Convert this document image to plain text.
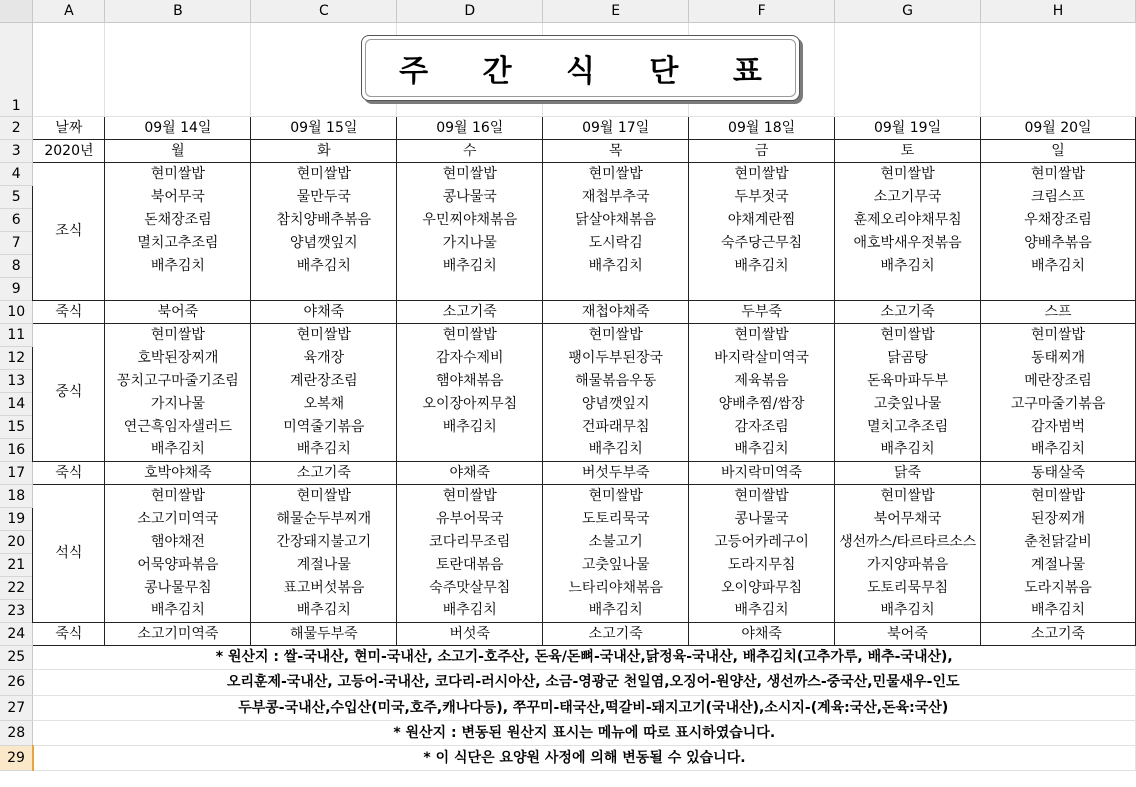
	A	B	C	D	E	F	G	H
1								
2	날짜	09월 14일	09월 15일	09월 16일	09월 17일	09월 18일	09월 19일	09월 20일
3	2020년	월	화	수	목	금	토	일
4	조식	현미쌀밥	현미쌀밥	현미쌀밥	현미쌀밥	현미쌀밥	현미쌀밥	현미쌀밥
5		북어무국	물만두국	콩나물국	재첩부추국	두부젓국	소고기무국	크림스프
6		돈채장조림	참치양배추볶음	우민찌야채볶음	닭살야채볶음	야채계란찜	훈제오리야채무침	우채장조림
7		멸치고추조림	양념깻잎지	가지나물	도시락김	숙주당근무침	애호박새우젓볶음	양배추볶음
8		배추김치	배추김치	배추김치	배추김치	배추김치	배추김치	배추김치
9								
10	죽식	북어죽	야채죽	소고기죽	재첩야채죽	두부죽	소고기죽	스프
11	중식	현미쌀밥	현미쌀밥	현미쌀밥	현미쌀밥	현미쌀밥	현미쌀밥	현미쌀밥
12		호박된장찌개	육개장	감자수제비	팽이두부된장국	바지락살미역국	닭곰탕	동태찌개
13		꽁치고구마줄기조림	계란장조림	햄야채볶음	해물볶음우동	제육볶음	돈육마파두부	메란장조림
14		가지나물	오복채	오이장아찌무침	양념깻잎지	양배추찜/쌈장	고춧잎나물	고구마줄기볶음
15		연근흑임자샐러드	미역줄기볶음	배추김치	건파래무침	감자조림	멸치고추조림	감자범벅
16		배추김치	배추김치		배추김치	배추김치	배추김치	배추김치
17	죽식	호박야채죽	소고기죽	야채죽	버섯두부죽	바지락미역죽	닭죽	동태살죽
18	석식	현미쌀밥	현미쌀밥	현미쌀밥	현미쌀밥	현미쌀밥	현미쌀밥	현미쌀밥
19		소고기미역국	해물순두부찌개	유부어묵국	도토리묵국	콩나물국	북어무채국	된장찌개
20		햄야채전	간장돼지불고기	코다리무조림	소불고기	고등어카레구이	생선까스/타르타르소스	춘천닭갈비
21		어묵양파볶음	계절나물	토란대볶음	고춧잎나물	도라지무침	가지양파볶음	계절나물
22		콩나물무침	표고버섯볶음	숙주맛살무침	느타리야채볶음	오이양파무침	도토리묵무침	도라지볶음
23		배추김치	배추김치	배추김치	배추김치	배추김치	배추김치	배추김치
24	죽식	소고기미역죽	해물두부죽	버섯죽	소고기죽	야채죽	북어죽	소고기죽
25	* 원산지 : 쌀-국내산, 현미-국내산, 소고기-호주산, 돈육/돈뼈-국내산,닭정육-국내산, 배추김치(고추가루, 배추-국내산),							
26	오리훈제-국내산, 고등어-국내산, 코다리-러시아산, 소금-영광군 천일염,오징어-원양산, 생선까스-중국산,민물새우-인도							
27	두부콩-국내산,수입산(미국,호주,캐나다등), 쭈꾸미-태국산,떡갈비-돼지고기(국내산),소시지-(계육:국산,돈육:국산)							
28	* 원산지 : 변동된 원산지 표시는 메뉴에 따로 표시하였습니다.							
29	* 이 식단은 요양원 사정에 의해 변동될 수 있습니다.							
주 간 식 단 표
